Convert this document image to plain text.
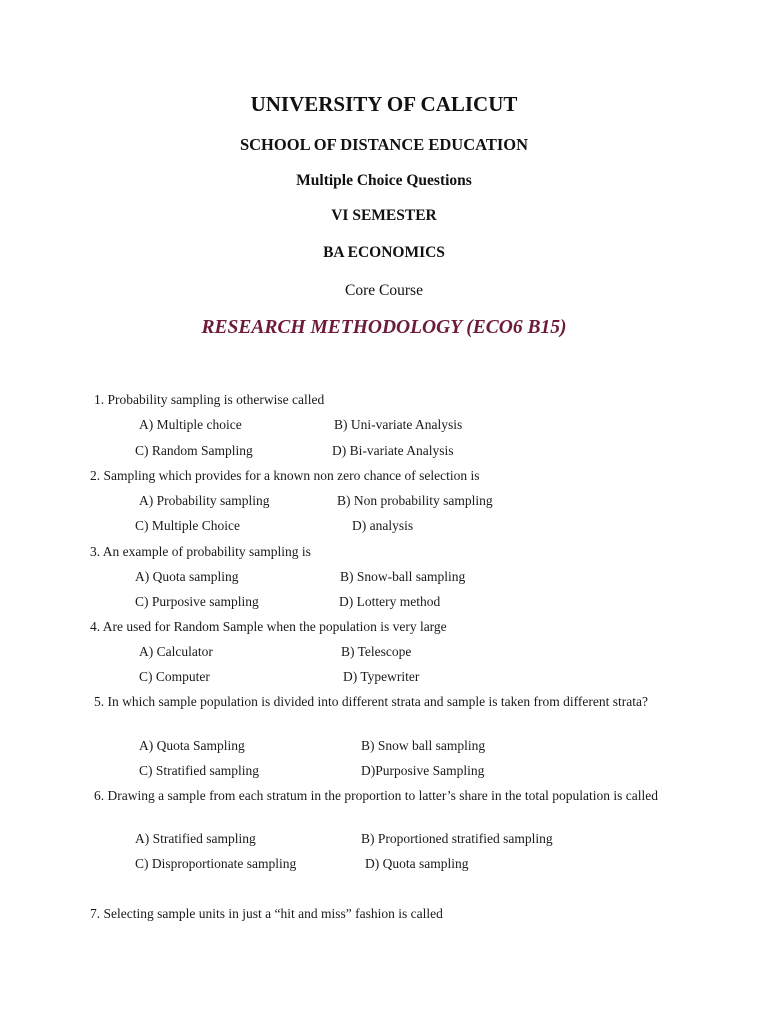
UNIVERSITY OF CALICUT
SCHOOL OF DISTANCE EDUCATION
Multiple Choice Questions
VI SEMESTER
BA ECONOMICS
Core Course
RESEARCH METHODOLOGY (ECO6 B15)
1. Probability sampling is otherwise called
A) Multiple choice	B) Uni-variate Analysis
C) Random Sampling	D) Bi-variate Analysis
2. Sampling which provides for a known non zero chance of selection is
A) Probability sampling	B) Non probability sampling
C) Multiple Choice	D) analysis
3. An example of probability sampling is
A) Quota sampling	B) Snow-ball sampling
C) Purposive sampling	D) Lottery method
4. Are used for Random Sample when the population is very large
A) Calculator	B) Telescope
C) Computer	D) Typewriter
5. In which sample population is divided into different strata and sample is taken from different strata?
A) Quota Sampling	B) Snow ball sampling
C) Stratified sampling	D)Purposive Sampling
6. Drawing a sample from each stratum in the proportion to latter’s share in the total population is called
A) Stratified sampling	B) Proportioned stratified sampling
C) Disproportionate sampling	D) Quota sampling
7. Selecting sample units in just a “hit and miss” fashion is called
